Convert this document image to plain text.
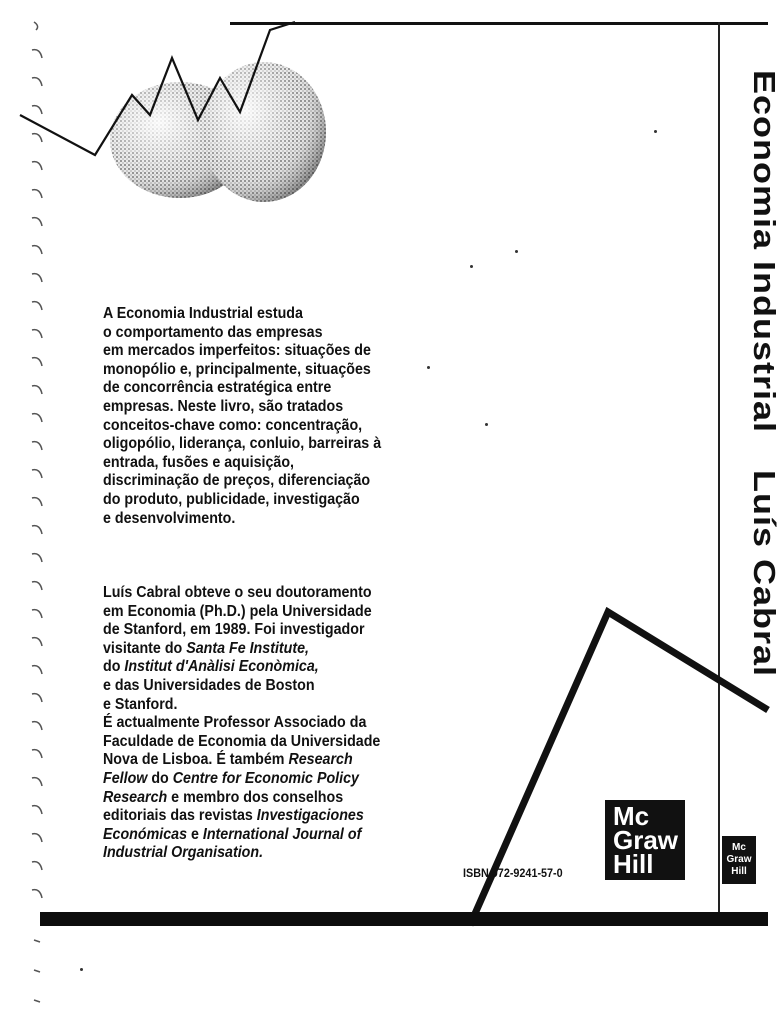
Economia Industrial
Luís Cabral
Mc
Graw
Hill
A Economia Industrial estuda
o comportamento das empresas
em mercados imperfeitos: situações de
monopólio e, principalmente, situações
de concorrência estratégica entre
empresas. Neste livro, são tratados
conceitos-chave como: concentração,
oligopólio, liderança, conluio, barreiras à
entrada, fusões e aquisição,
discriminação de preços, diferenciação
do produto, publicidade, investigação
e desenvolvimento.
Luís Cabral obteve o seu doutoramento
em Economia (Ph.D.) pela Universidade
de Stanford, em 1989. Foi investigador
visitante do Santa Fe Institute,
do Institut d'Anàlisi Econòmica,
e das Universidades de Boston
e Stanford.
É actualmente Professor Associado da
Faculdade de Economia da Universidade
Nova de Lisboa. É também Research
Fellow do Centre for Economic Policy
Research e membro dos conselhos
editoriais das revistas Investigaciones
Económicas e International Journal of
Industrial Organisation.
Mc
Graw
Hill
ISBN 972-9241-57-0
